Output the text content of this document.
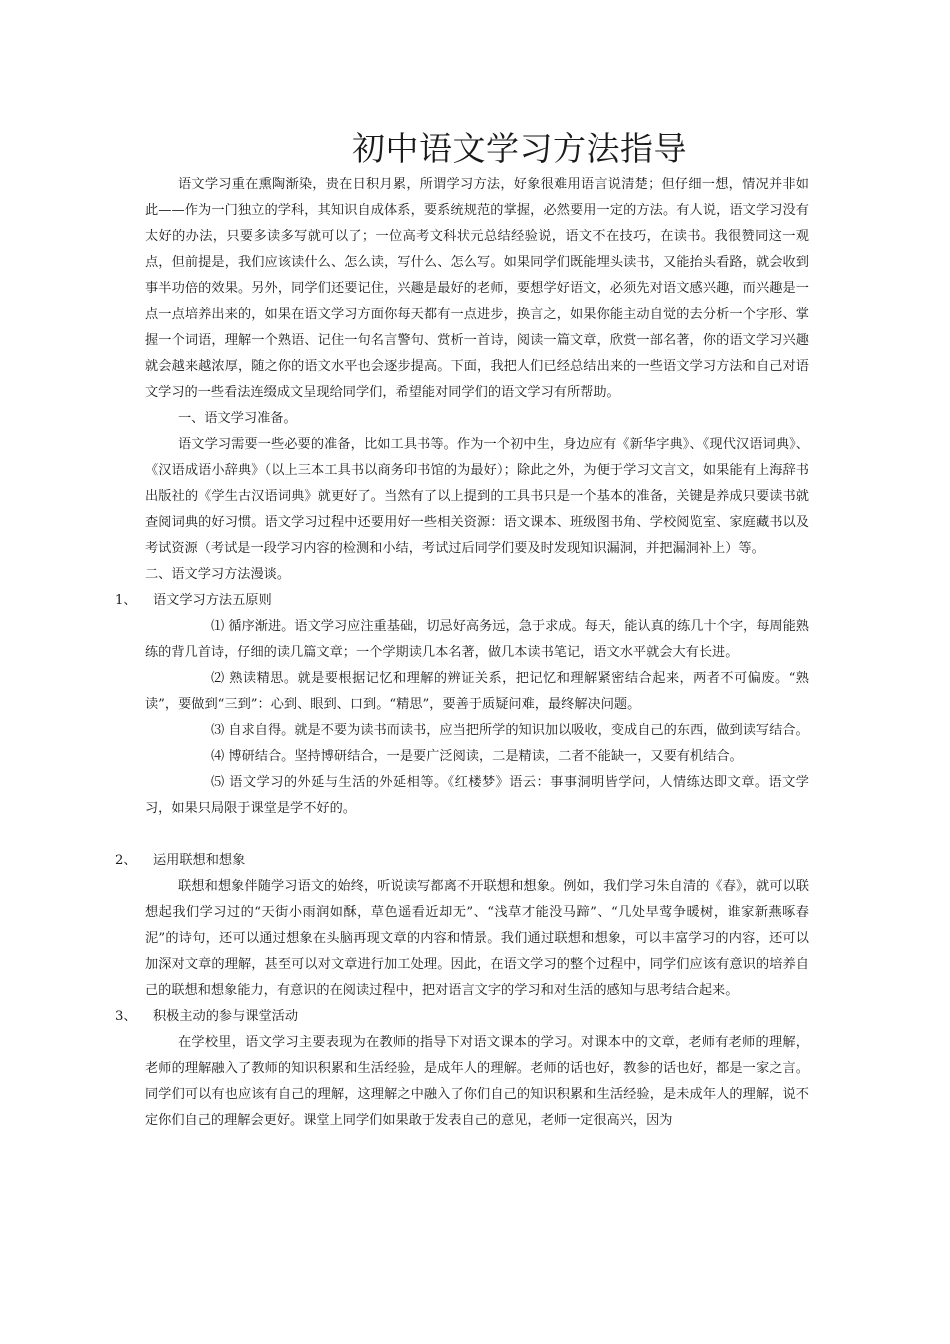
初中语文学习方法指导

语文学习重在熏陶渐染，贵在日积月累，所谓学习方法，好象很难用语言说清楚；但仔细一想，情况并非如此——作为一门独立的学科，其知识自成体系，要系统规范的掌握，必然要用一定的方法。有人说，语文学习没有太好的办法，只要多读多写就可以了；一位高考文科状元总结经验说，语文不在技巧，在读书。我很赞同这一观点，但前提是，我们应该读什么、怎么读，写什么、怎么写。如果同学们既能埋头读书，又能抬头看路，就会收到事半功倍的效果。另外，同学们还要记住，兴趣是最好的老师，要想学好语文，必须先对语文感兴趣，而兴趣是一点一点培养出来的，如果在语文学习方面你每天都有一点进步，换言之，如果你能主动自觉的去分析一个字形、掌握一个词语，理解一个熟语、记住一句名言警句、赏析一首诗，阅读一篇文章，欣赏一部名著，你的语文学习兴趣就会越来越浓厚，随之你的语文水平也会逐步提高。下面，我把人们已经总结出来的一些语文学习方法和自己对语文学习的一些看法连缀成文呈现给同学们，希望能对同学们的语文学习有所帮助。

一、语文学习准备。

语文学习需要一些必要的准备，比如工具书等。作为一个初中生，身边应有《新华字典》、《现代汉语词典》、《汉语成语小辞典》（以上三本工具书以商务印书馆的为最好）；除此之外，为便于学习文言文，如果能有上海辞书出版社的《学生古汉语词典》就更好了。当然有了以上提到的工具书只是一个基本的准备，关键是养成只要读书就查阅词典的好习惯。语文学习过程中还要用好一些相关资源：语文课本、班级图书角、学校阅览室、家庭藏书以及考试资源（考试是一段学习内容的检测和小结，考试过后同学们要及时发现知识漏洞，并把漏洞补上）等。

二、语文学习方法漫谈。

1、 语文学习方法五原则

⑴ 循序渐进。语文学习应注重基础，切忌好高务远，急于求成。每天，能认真的练几十个字，每周能熟练的背几首诗，仔细的读几篇文章；一个学期读几本名著，做几本读书笔记，语文水平就会大有长进。

⑵ 熟读精思。就是要根据记忆和理解的辨证关系，把记忆和理解紧密结合起来，两者不可偏废。“熟读”，要做到“三到”：心到、眼到、口到。“精思”，要善于质疑问难，最终解决问题。

⑶ 自求自得。就是不要为读书而读书，应当把所学的知识加以吸收，变成自己的东西，做到读写结合。

⑷ 博研结合。坚持博研结合，一是要广泛阅读，二是精读，二者不能缺一，又要有机结合。

⑸ 语文学习的外延与生活的外延相等。《红楼梦》语云：事事洞明皆学问，人情练达即文章。语文学习，如果只局限于课堂是学不好的。

2、 运用联想和想象

联想和想象伴随学习语文的始终，听说读写都离不开联想和想象。例如，我们学习朱自清的《春》，就可以联想起我们学习过的“天街小雨润如酥，草色遥看近却无”、“浅草才能没马蹄”、“几处早莺争暖树，谁家新燕啄春泥”的诗句，还可以通过想象在头脑再现文章的内容和情景。我们通过联想和想象，可以丰富学习的内容，还可以加深对文章的理解，甚至可以对文章进行加工处理。因此，在语文学习的整个过程中，同学们应该有意识的培养自己的联想和想象能力，有意识的在阅读过程中，把对语言文字的学习和对生活的感知与思考结合起来。

3、 积极主动的参与课堂活动

在学校里，语文学习主要表现为在教师的指导下对语文课本的学习。对课本中的文章，老师有老师的理解，老师的理解融入了教师的知识积累和生活经验，是成年人的理解。老师的话也好，教参的话也好，都是一家之言。同学们可以有也应该有自己的理解，这理解之中融入了你们自己的知识积累和生活经验，是未成年人的理解，说不定你们自己的理解会更好。课堂上同学们如果敢于发表自己的意见，老师一定很高兴，因为
